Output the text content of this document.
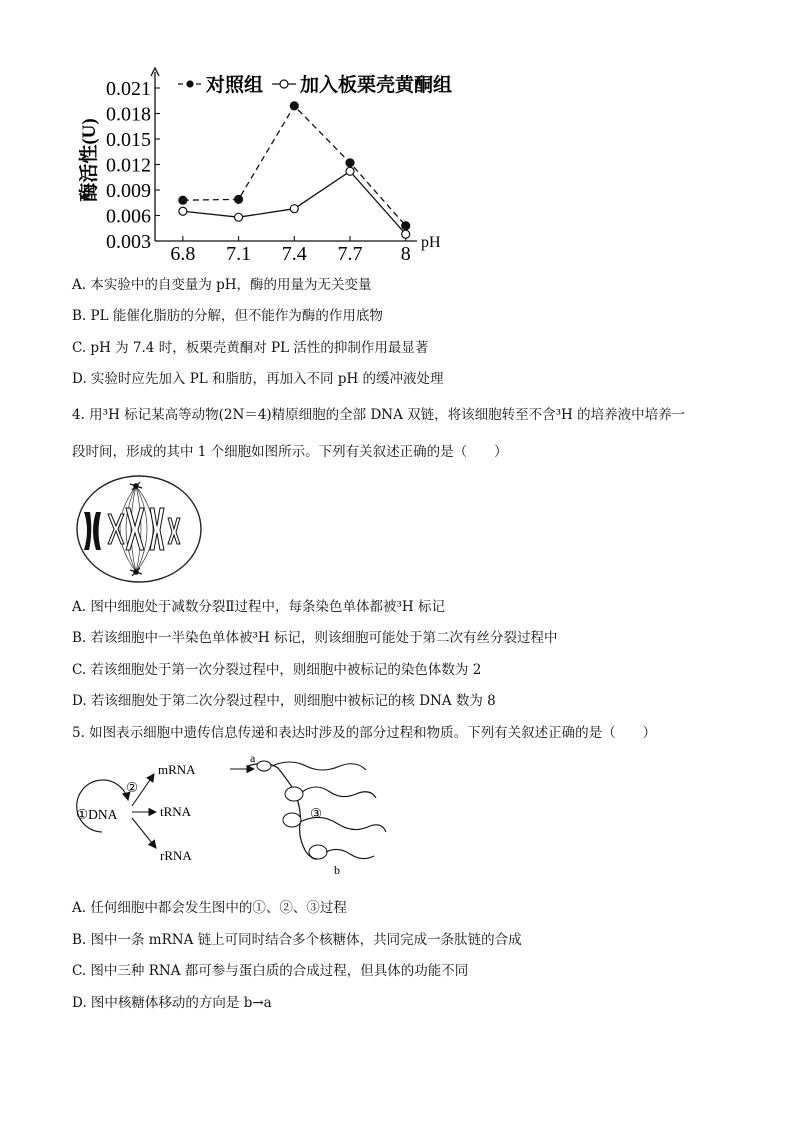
0.003
0.006
0.009
0.012
0.015
0.018
0.021
6.8 7.1 7.4 7.7 8
pH
酶活性(U)
对照组 加入板栗壳黄酮组
A. 本实验中的自变量为 pH，酶的用量为无关变量
B. PL 能催化脂肪的分解，但不能作为酶的作用底物
C. pH 为 7.4 时，板栗壳黄酮对 PL 活性的抑制作用最显著
D. 实验时应先加入 PL 和脂肪，再加入不同 pH 的缓冲液处理
4. 用³H 标记某高等动物(2N＝4)精原细胞的全部 DNA 双链，将该细胞转至不含³H 的培养液中培养一
段时间，形成的其中 1 个细胞如图所示。下列有关叙述正确的是（　　）
A. 图中细胞处于减数分裂Ⅱ过程中，每条染色单体都被³H 标记
B. 若该细胞中一半染色单体被³H 标记，则该细胞可能处于第二次有丝分裂过程中
C. 若该细胞处于第一次分裂过程中，则细胞中被标记的染色体数为 2
D. 若该细胞处于第二次分裂过程中，则细胞中被标记的核 DNA 数为 8
5. 如图表示细胞中遗传信息传递和表达时涉及的部分过程和物质。下列有关叙述正确的是（　　）
①DNA
②
mRNA
tRNA
rRNA
a
b
③
A. 任何细胞中都会发生图中的①、②、③过程
B. 图中一条 mRNA 链上可同时结合多个核糖体，共同完成一条肽链的合成
C. 图中三种 RNA 都可参与蛋白质的合成过程，但具体的功能不同
D. 图中核糖体移动的方向是 b→a
